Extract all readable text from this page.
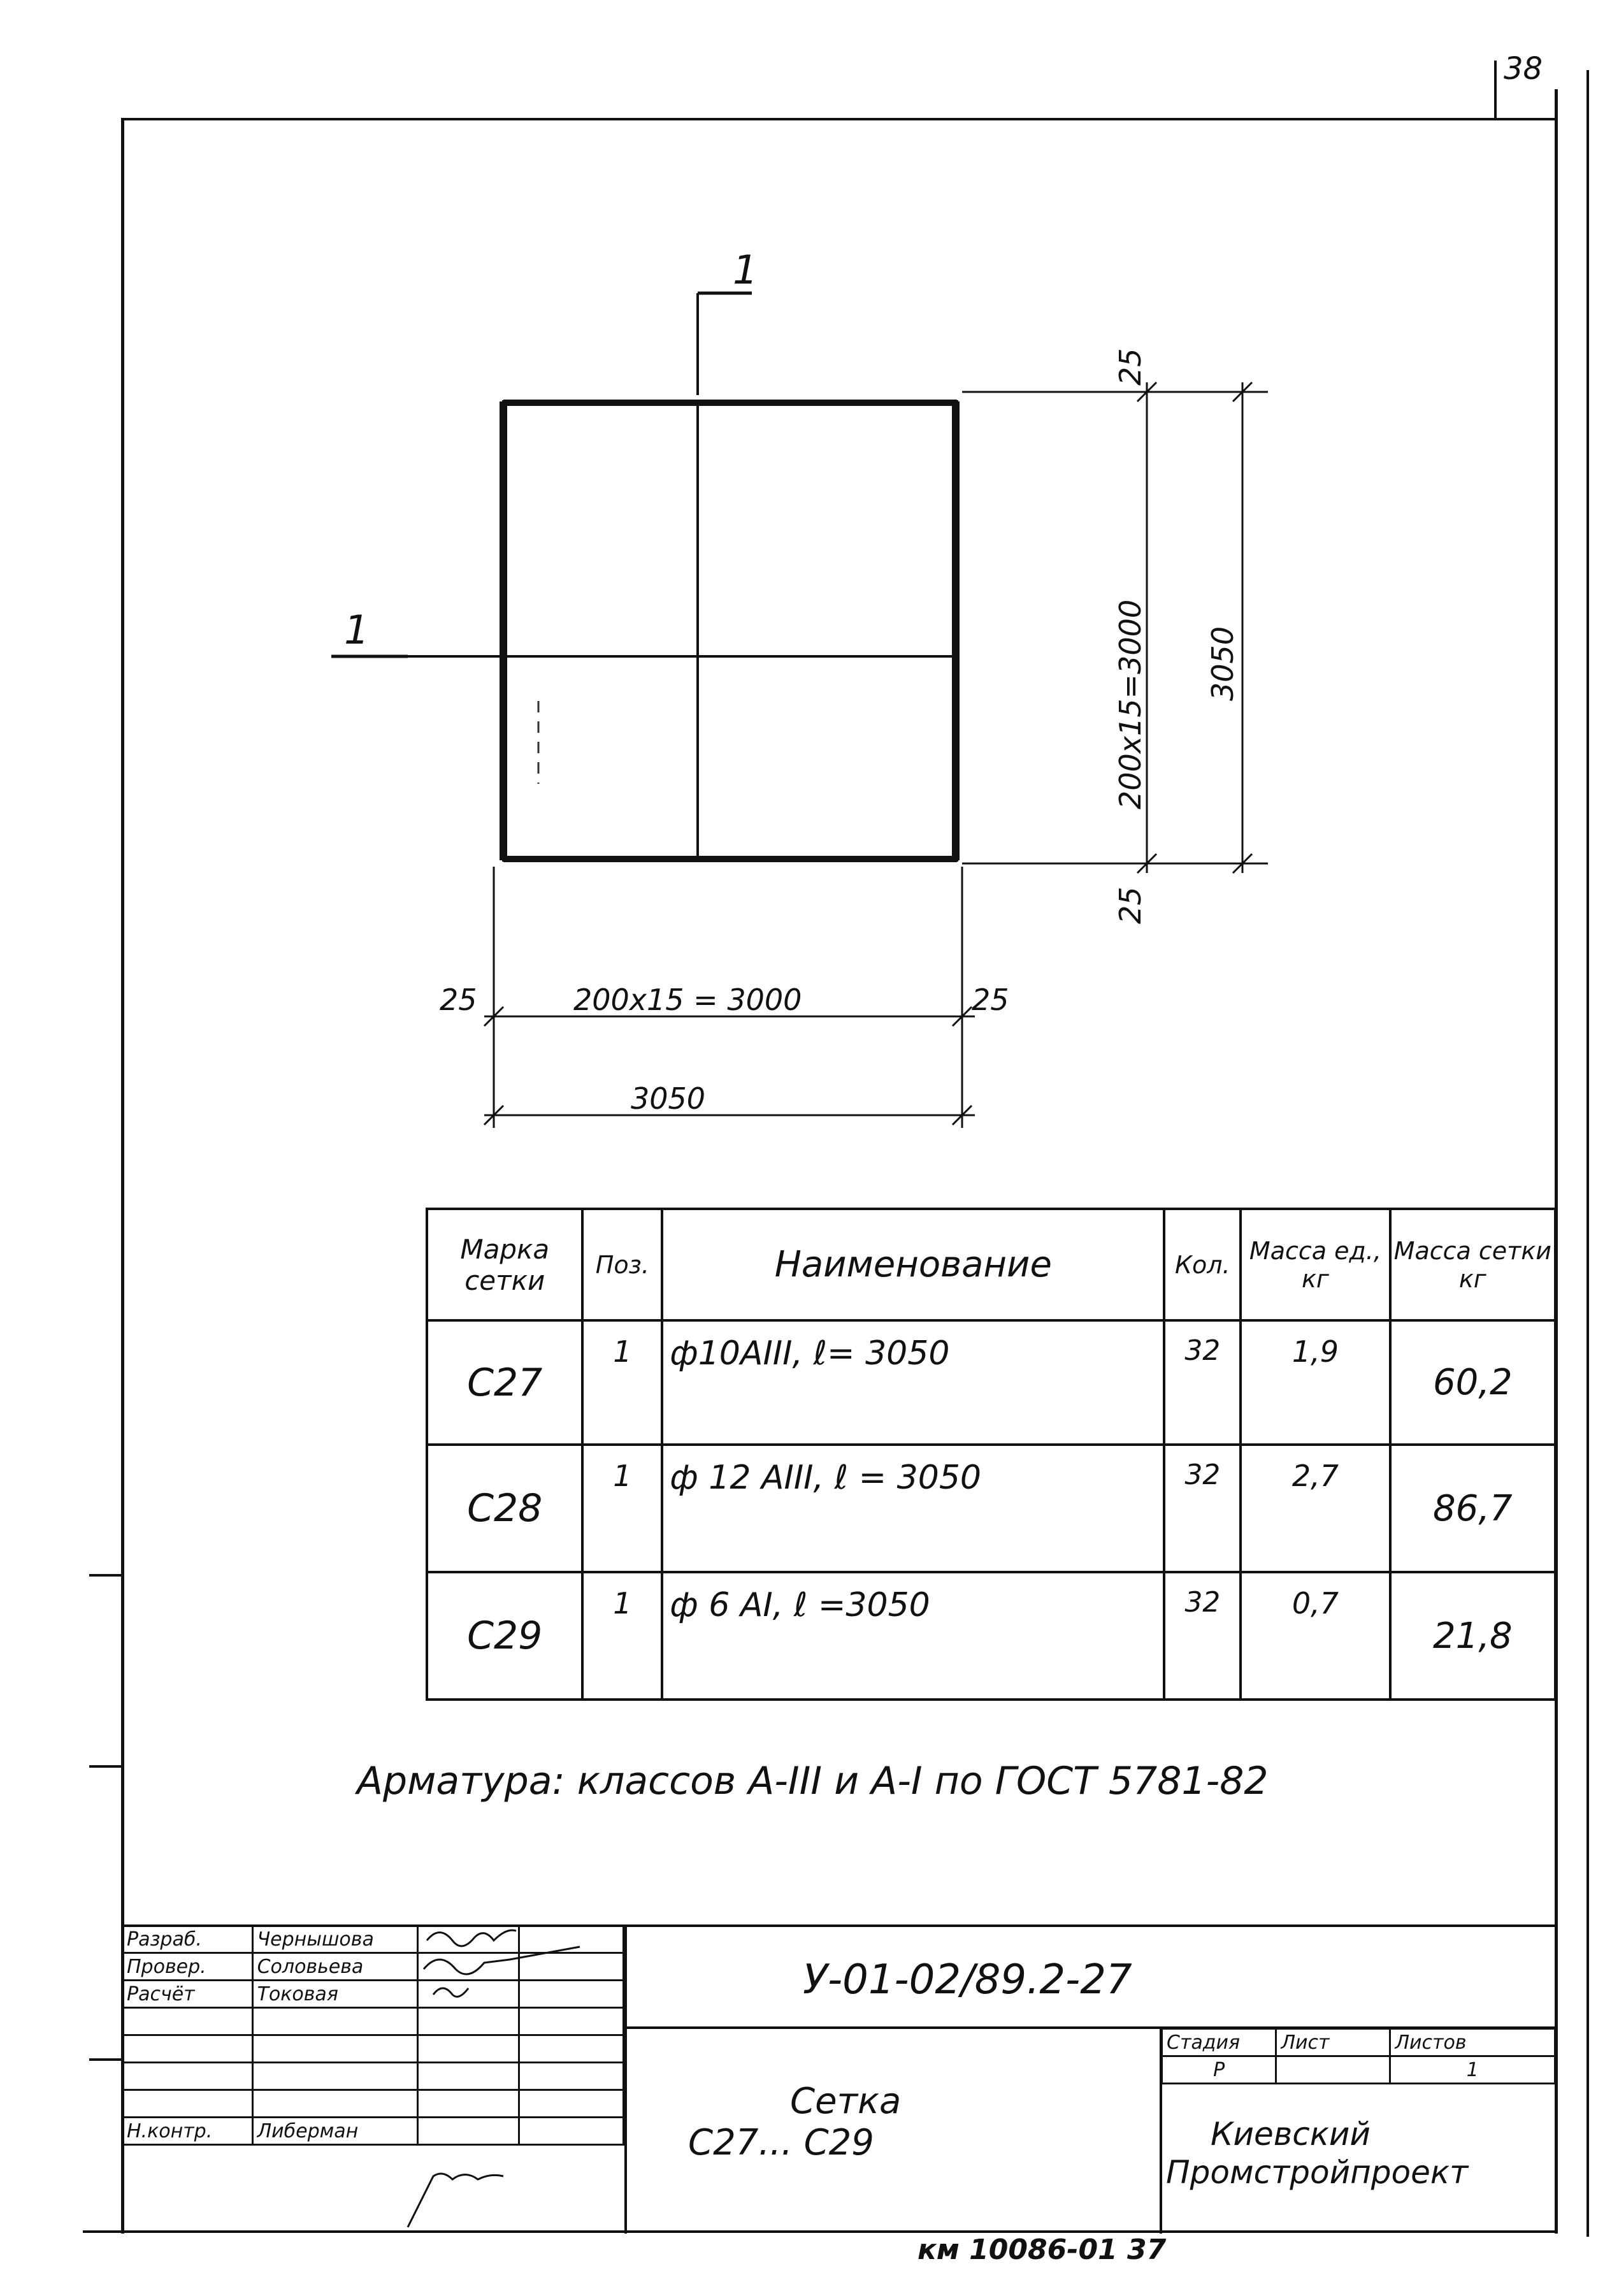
38
1
1
25
25
200x15=3000 3050
25	200x15 = 3000	25
3050
Марка сетки	Поз.	Наименование	Кол.	Масса ед., кг	Масса сетки кг
С27	1	ф10АIII, ℓ= 3050	32	1,9	60,2
С28	1	ф 12 АIII, ℓ = 3050	32	2,7	86,7
С29	1	ф 6 АI, ℓ =3050	32	0,7	21,8
Арматура: классов А-III и А-I по ГОСТ 5781-82
Разраб.	Чернышова		
Провер.	Соловьева		
Расчёт	Токовая		

Н.контр.	Либерман		
У-01-02/89.2-27
Сетка
С27... С29
Стадия	Лист	Листов
Р		1
Киевский
Промстройпроект
км 10086-01 37
